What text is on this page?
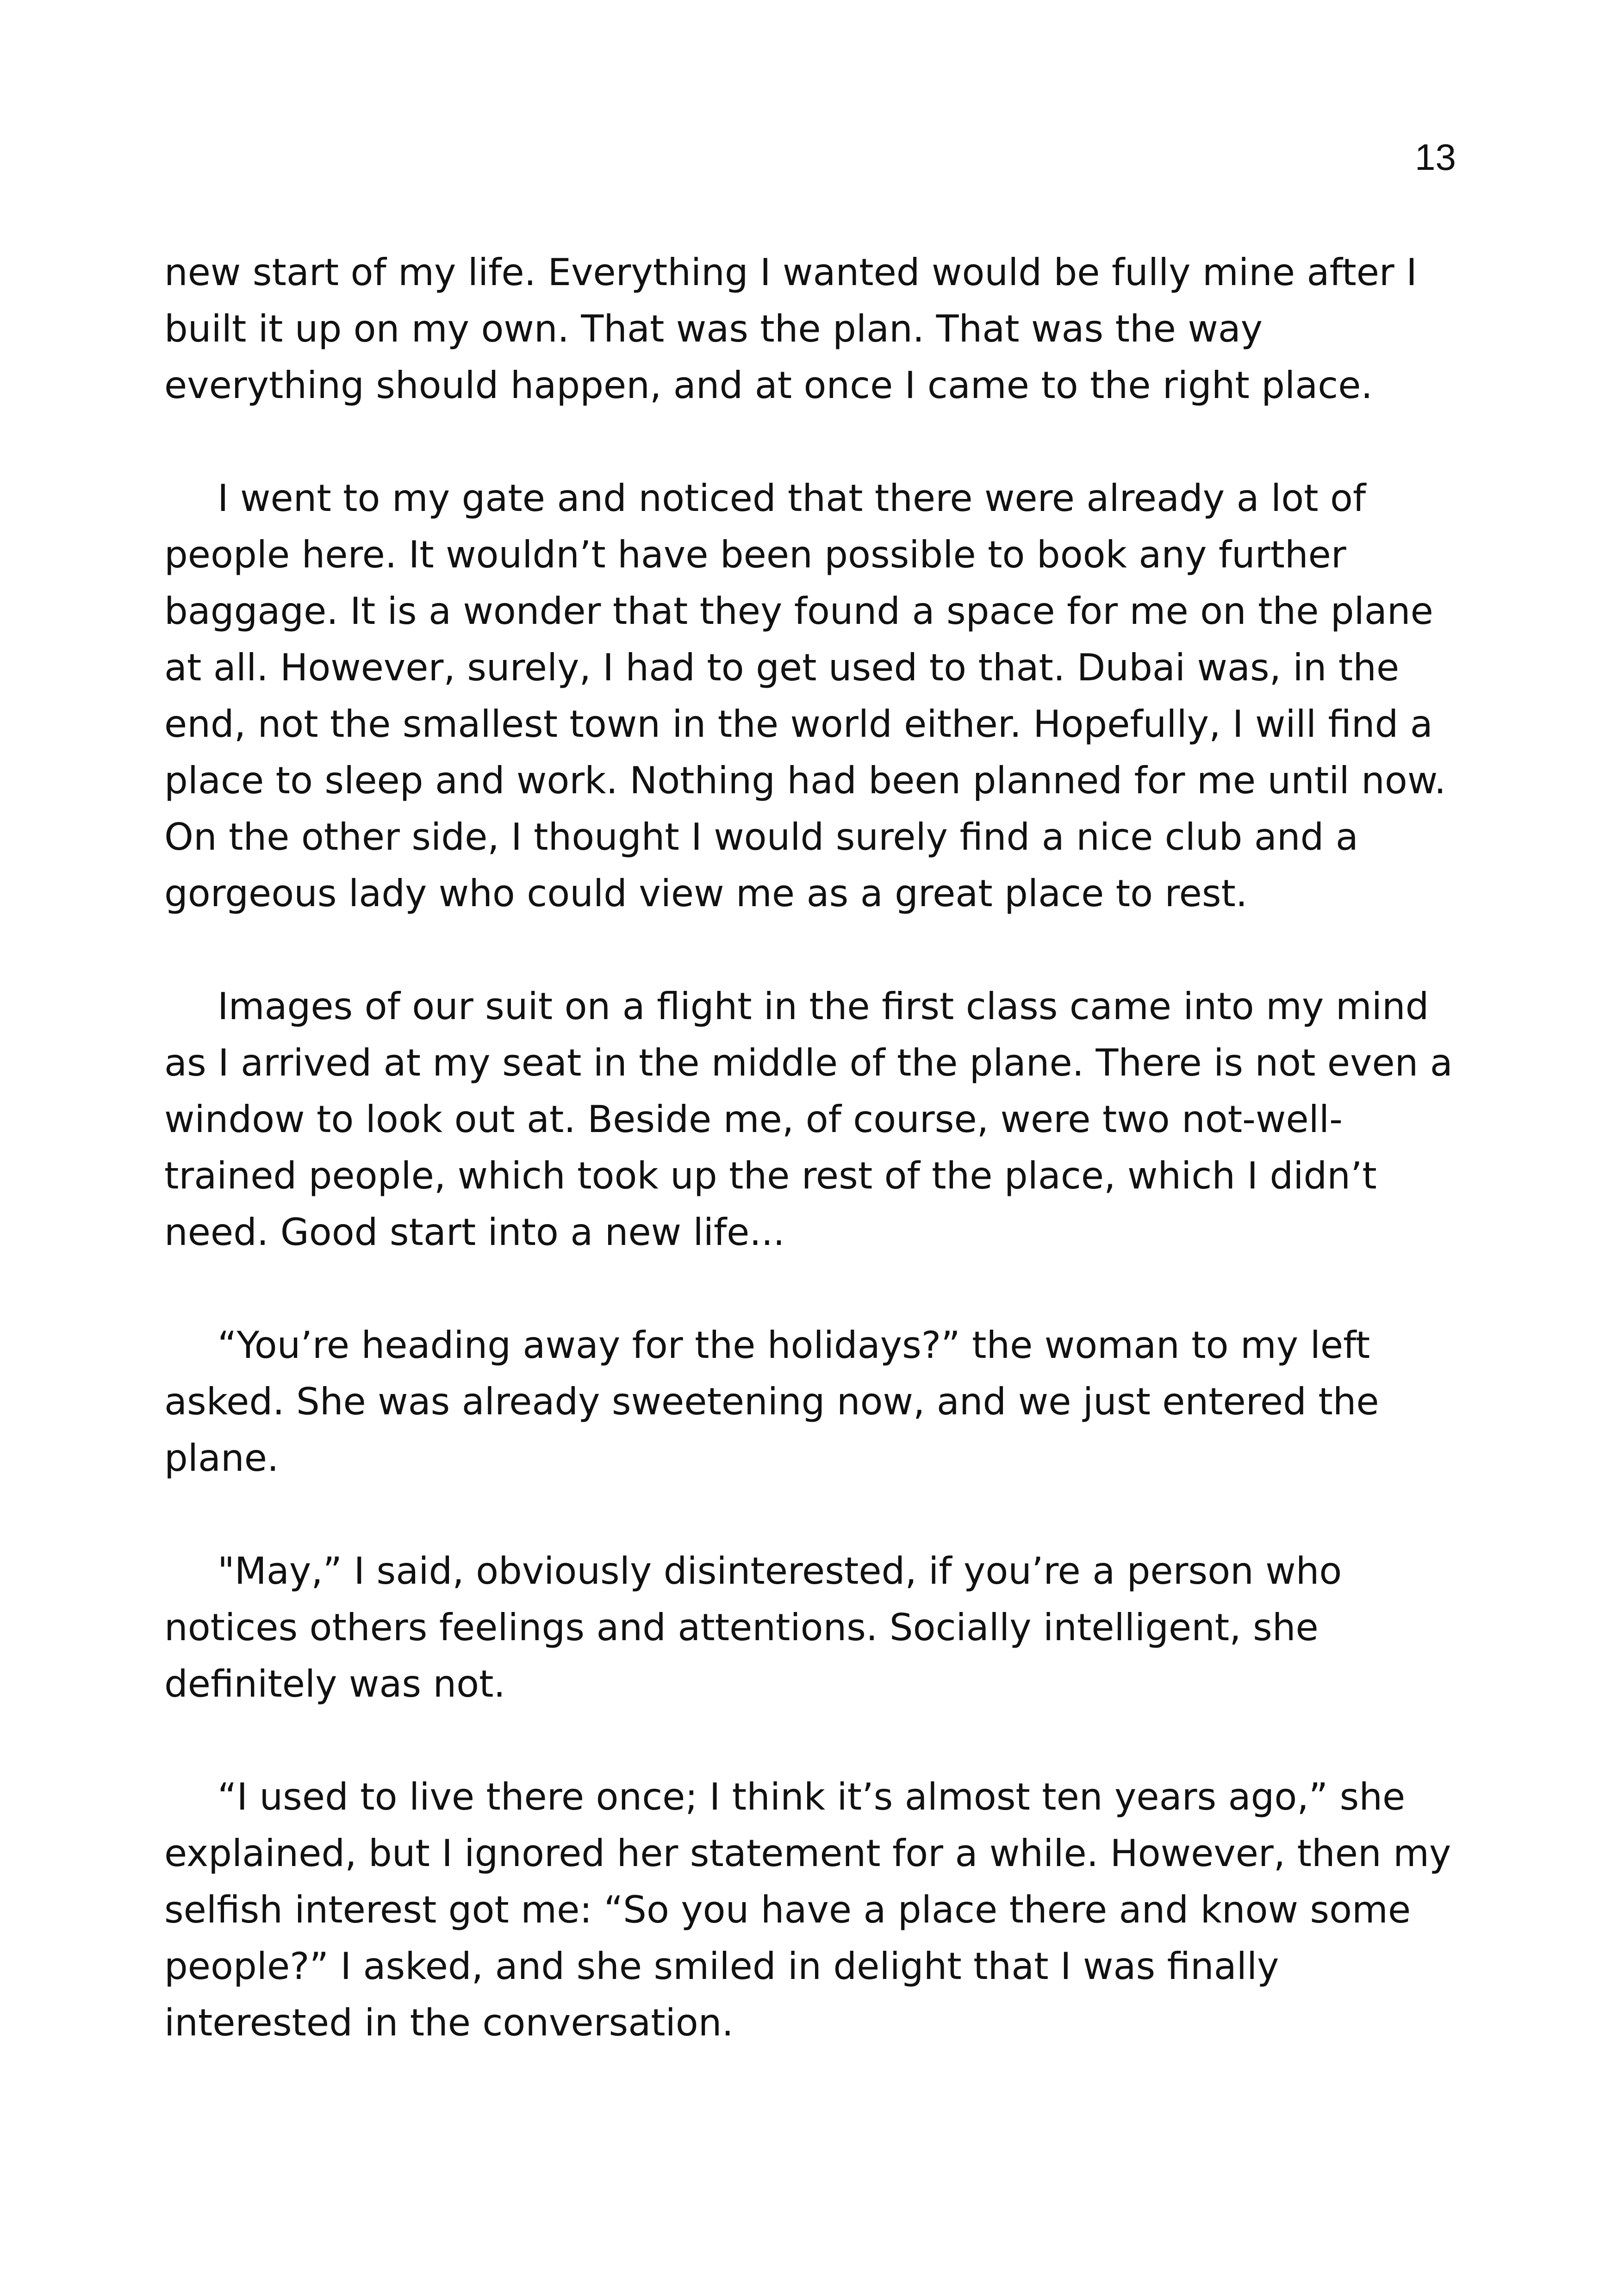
13

new start of my life. Everything I wanted would be fully mine after I built it up on my own. That was the plan. That was the way everything should happen, and at once I came to the right place.

I went to my gate and noticed that there were already a lot of people here. It wouldn’t have been possible to book any further baggage. It is a wonder that they found a space for me on the plane at all. However, surely, I had to get used to that. Dubai was, in the end, not the smallest town in the world either. Hopefully, I will find a place to sleep and work. Nothing had been planned for me until now. On the other side, I thought I would surely find a nice club and a gorgeous lady who could view me as a great place to rest.

Images of our suit on a flight in the first class came into my mind as I arrived at my seat in the middle of the plane. There is not even a window to look out at. Beside me, of course, were two not-well-trained people, which took up the rest of the place, which I didn’t need. Good start into a new life...

“You’re heading away for the holidays?” the woman to my left asked. She was already sweetening now, and we just entered the plane.

"May,” I said, obviously disinterested, if you’re a person who notices others feelings and attentions. Socially intelligent, she definitely was not.

“I used to live there once; I think it’s almost ten years ago,” she explained, but I ignored her statement for a while. However, then my selfish interest got me: “So you have a place there and know some people?” I asked, and she smiled in delight that I was finally interested in the conversation.
